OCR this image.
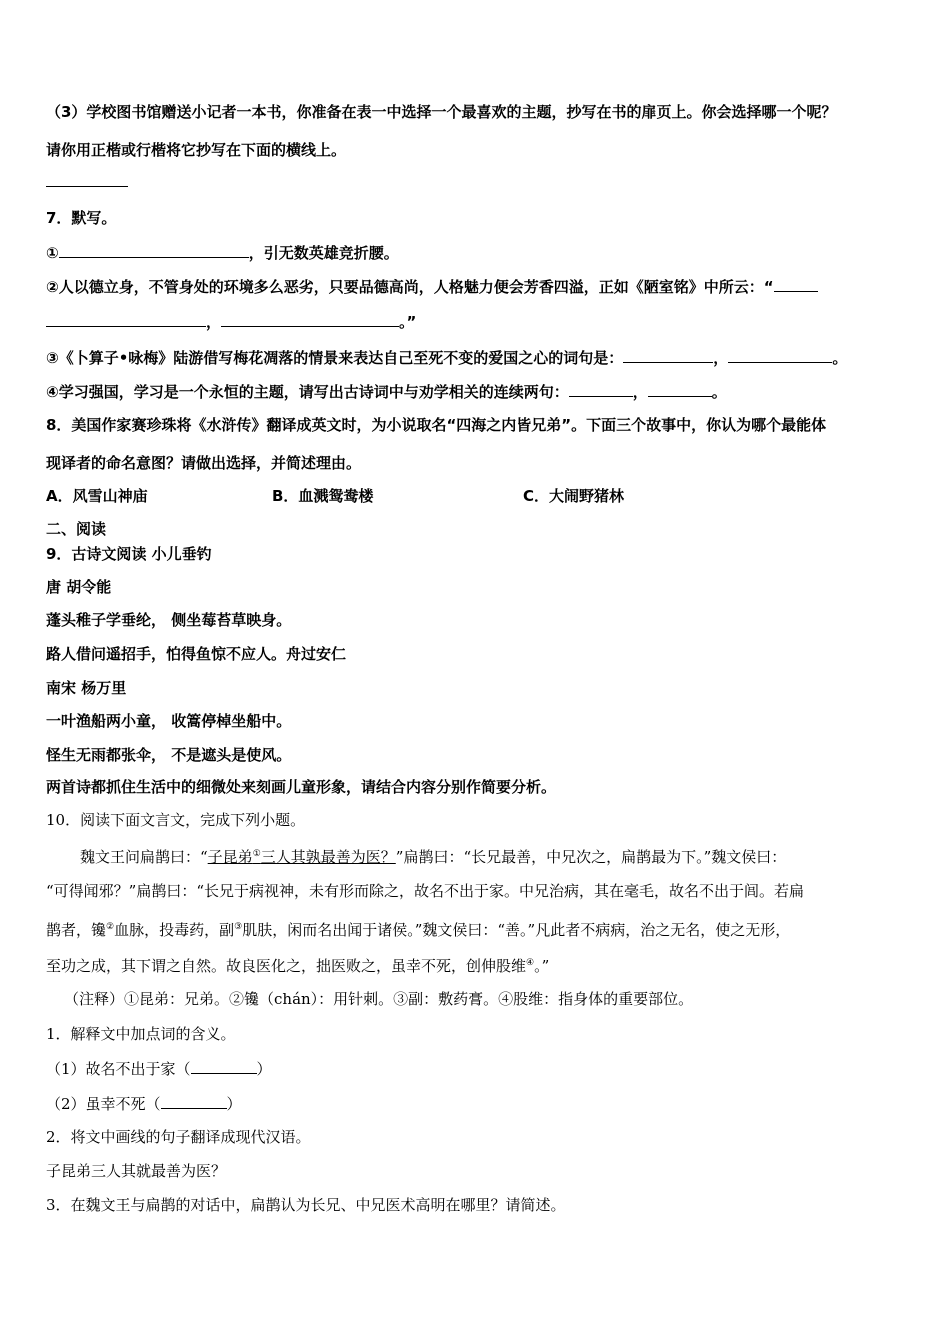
（3）学校图书馆赠送小记者一本书，你准备在表一中选择一个最喜欢的主题，抄写在书的扉页上。你会选择哪一个呢？
请你用正楷或行楷将它抄写在下面的横线上。
7．默写。
①	，引无数英雄竞折腰。
②人以德立身，不管身处的环境多么恶劣，只要品德高尚，人格魅力便会芳香四溢，正如《陋室铭》中所云：“
，	。”
③《卜算子•咏梅》陆游借写梅花凋落的情景来表达自己至死不变的爱国之心的词句是：	，	。
④学习强国，学习是一个永恒的主题，请写出古诗词中与劝学相关的连续两句：	，	。
8．美国作家赛珍珠将《水浒传》翻译成英文时，为小说取名“四海之内皆兄弟”。下面三个故事中，你认为哪个最能体
现译者的命名意图？请做出选择，并简述理由。
A．风雪山神庙	B．血溅鸳鸯楼	C．大闹野猪林
二、阅读
9．古诗文阅读 小儿垂钓
唐 胡令能
蓬头稚子学垂纶， 侧坐莓苔草映身。
路人借问遥招手，怕得鱼惊不应人。舟过安仁
南宋 杨万里
一叶渔船两小童， 收篙停棹坐船中。
怪生无雨都张伞， 不是遮头是使风。
两首诗都抓住生活中的细微处来刻画儿童形象，请结合内容分别作简要分析。
10．阅读下面文言文，完成下列小题。
魏文王问扁鹊曰：“子昆弟①三人其孰最善为医？”扁鹊曰：“长兄最善，中兄次之，扁鹊最为下。”魏文侯曰：
“可得闻邪？”扁鹊曰：“长兄于病视神，未有形而除之，故名不出于家。中兄治病，其在毫毛，故名不出于闾。若扁
鹊者，镵②血脉，投毒药，副③肌肤，闲而名出闻于诸侯。”魏文侯曰：“善。”凡此者不病病，治之无名，使之无形，
至功之成，其下谓之自然。故良医化之，拙医败之，虽幸不死，创伸股维④。”
（注释）①昆弟：兄弟。②镵（chán）：用针刺。③副：敷药膏。④股维：指身体的重要部位。
1．解释文中加点词的含义。
（1）故名不出于家（	）
（2）虽幸不死（	）
2．将文中画线的句子翻译成现代汉语。
子昆弟三人其就最善为医？
3．在魏文王与扁鹊的对话中，扁鹊认为长兄、中兄医术高明在哪里？请简述。
